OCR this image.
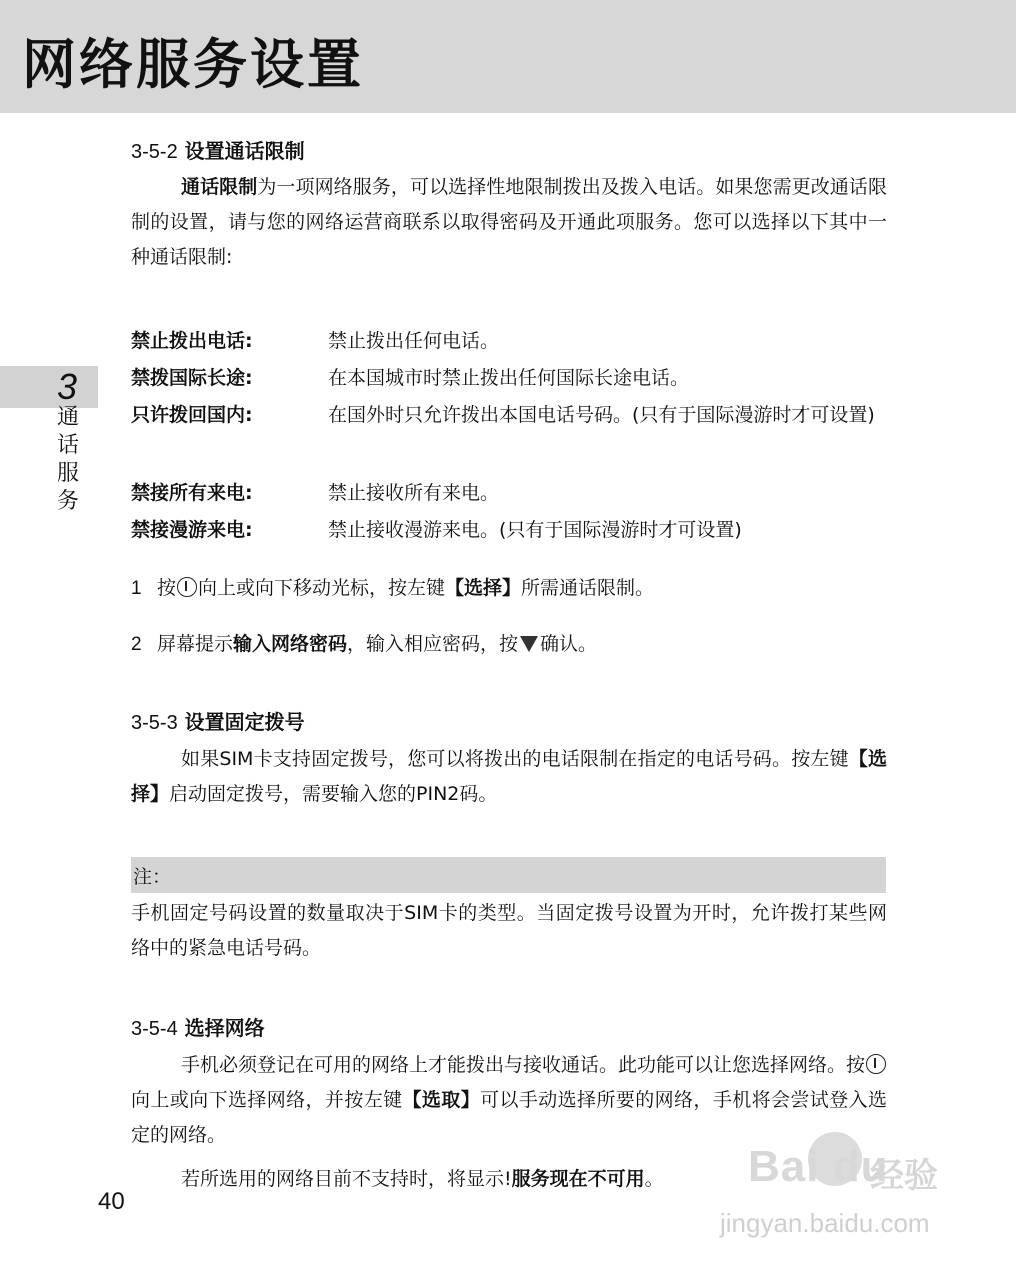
网络服务设置
3
通
话
服
务
3-5-2 设置通话限制
通话限制为一项网络服务，可以选择性地限制拨出及拨入电话。如果您需更改通话限制的设置，请与您的网络运营商联系以取得密码及开通此项服务。您可以选择以下其中一种通话限制:
禁止拨出电话:	禁止拨出任何电话。
禁拨国际长途:	在本国城市时禁止拨出任何国际长途电话。
只许拨回国内:	在国外时只允许拨出本国电话号码。(只有于国际漫游时才可设置)
禁接所有来电:	禁止接收所有来电。
禁接漫游来电:	禁止接收漫游来电。(只有于国际漫游时才可设置)
1 按 向上或向下移动光标，按左键【选择】所需通话限制。
2 屏幕提示输入网络密码，输入相应密码，按 确认。
3-5-3 设置固定拨号
如果SIM卡支持固定拨号，您可以将拨出的电话限制在指定的电话号码。按左键【选择】启动固定拨号，需要输入您的PIN2码。
注：
手机固定号码设置的数量取决于SIM卡的类型。当固定拨号设置为开时，允许拨打某些网络中的紧急电话号码。
3-5-4 选择网络
手机必须登记在可用的网络上才能拨出与接收通话。此功能可以让您选择网络。按向上或向下选择网络，并按左键【选取】可以手动选择所要的网络，手机将会尝试登入选定的网络。
若所选用的网络目前不支持时，将显示!服务现在不可用。
40
Bai du
经验
jingyan.baidu.com
